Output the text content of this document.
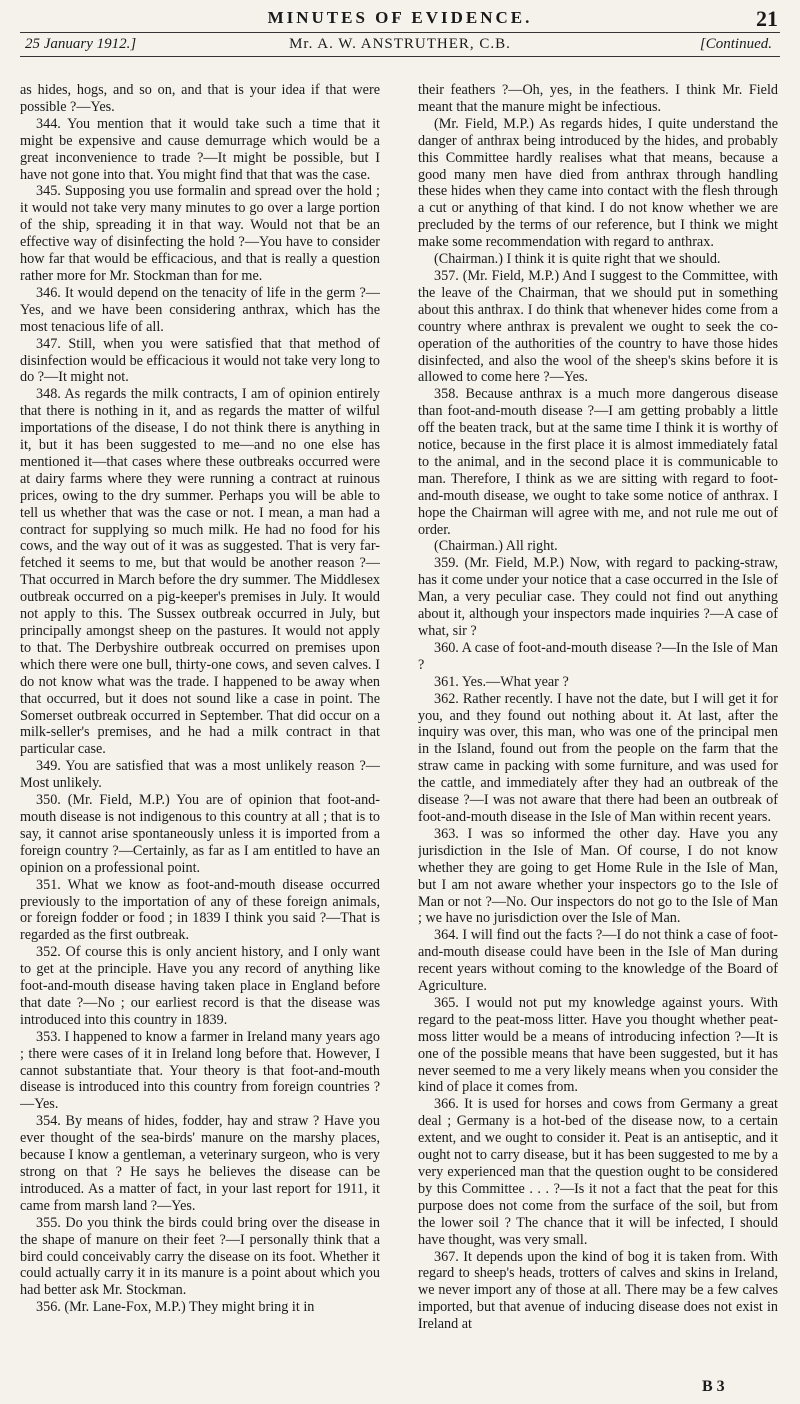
MINUTES OF EVIDENCE.	21
25 January 1912.]	Mr. A. W. ANSTRUTHER, C.B.	[Continued.

as hides, hogs, and so on, and that is your idea if that were possible ?—Yes.

344. You mention that it would take such a time that it might be expensive and cause demurrage which would be a great inconvenience to trade ?—It might be possible, but I have not gone into that. You might find that that was the case.

345. Supposing you use formalin and spread over the hold ; it would not take very many minutes to go over a large portion of the ship, spreading it in that way. Would not that be an effective way of disinfecting the hold ?—You have to consider how far that would be efficacious, and that is really a question rather more for Mr. Stockman than for me.

346. It would depend on the tenacity of life in the germ ?—Yes, and we have been considering anthrax, which has the most tenacious life of all.

347. Still, when you were satisfied that that method of disinfection would be efficacious it would not take very long to do ?—It might not.

348. As regards the milk contracts, I am of opinion entirely that there is nothing in it, and as regards the matter of wilful importations of the disease, I do not think there is anything in it, but it has been suggested to me—and no one else has mentioned it—that cases where these outbreaks occurred were at dairy farms where they were running a contract at ruinous prices, owing to the dry summer. Perhaps you will be able to tell us whether that was the case or not. I mean, a man had a contract for supplying so much milk. He had no food for his cows, and the way out of it was as suggested. That is very far-fetched it seems to me, but that would be another reason ?—That occurred in March before the dry summer. The Middlesex outbreak occurred on a pig-keeper's premises in July. It would not apply to this. The Sussex outbreak occurred in July, but principally amongst sheep on the pastures. It would not apply to that. The Derbyshire outbreak occurred on premises upon which there were one bull, thirty-one cows, and seven calves. I do not know what was the trade. I happened to be away when that occurred, but it does not sound like a case in point. The Somerset outbreak occurred in September. That did occur on a milk-seller's premises, and he had a milk contract in that particular case.

349. You are satisfied that was a most unlikely reason ?—Most unlikely.

350. (Mr. Field, M.P.) You are of opinion that foot-and-mouth disease is not indigenous to this country at all ; that is to say, it cannot arise spontaneously unless it is imported from a foreign country ?—Certainly, as far as I am entitled to have an opinion on a professional point.

351. What we know as foot-and-mouth disease occurred previously to the importation of any of these foreign animals, or foreign fodder or food ; in 1839 I think you said ?—That is regarded as the first outbreak.

352. Of course this is only ancient history, and I only want to get at the principle. Have you any record of anything like foot-and-mouth disease having taken place in England before that date ?—No ; our earliest record is that the disease was introduced into this country in 1839.

353. I happened to know a farmer in Ireland many years ago ; there were cases of it in Ireland long before that. However, I cannot substantiate that. Your theory is that foot-and-mouth disease is introduced into this country from foreign countries ?—Yes.

354. By means of hides, fodder, hay and straw ? Have you ever thought of the sea-birds' manure on the marshy places, because I know a gentleman, a veterinary surgeon, who is very strong on that ? He says he believes the disease can be introduced. As a matter of fact, in your last report for 1911, it came from marsh land ?—Yes.

355. Do you think the birds could bring over the disease in the shape of manure on their feet ?—I personally think that a bird could conceivably carry the disease on its foot. Whether it could actually carry it in its manure is a point about which you had better ask Mr. Stockman.

356. (Mr. Lane-Fox, M.P.) They might bring it in

their feathers ?—Oh, yes, in the feathers. I think Mr. Field meant that the manure might be infectious.

(Mr. Field, M.P.) As regards hides, I quite understand the danger of anthrax being introduced by the hides, and probably this Committee hardly realises what that means, because a good many men have died from anthrax through handling these hides when they came into contact with the flesh through a cut or anything of that kind. I do not know whether we are precluded by the terms of our reference, but I think we might make some recommendation with regard to anthrax.

(Chairman.) I think it is quite right that we should.

357. (Mr. Field, M.P.) And I suggest to the Committee, with the leave of the Chairman, that we should put in something about this anthrax. I do think that whenever hides come from a country where anthrax is prevalent we ought to seek the co-operation of the authorities of the country to have those hides disinfected, and also the wool of the sheep's skins before it is allowed to come here ?—Yes.

358. Because anthrax is a much more dangerous disease than foot-and-mouth disease ?—I am getting probably a little off the beaten track, but at the same time I think it is worthy of notice, because in the first place it is almost immediately fatal to the animal, and in the second place it is communicable to man. Therefore, I think as we are sitting with regard to foot-and-mouth disease, we ought to take some notice of anthrax. I hope the Chairman will agree with me, and not rule me out of order.

(Chairman.) All right.

359. (Mr. Field, M.P.) Now, with regard to packing-straw, has it come under your notice that a case occurred in the Isle of Man, a very peculiar case. They could not find out anything about it, although your inspectors made inquiries ?—A case of what, sir ?

360. A case of foot-and-mouth disease ?—In the Isle of Man ?

361. Yes.—What year ?

362. Rather recently. I have not the date, but I will get it for you, and they found out nothing about it. At last, after the inquiry was over, this man, who was one of the principal men in the Island, found out from the people on the farm that the straw came in packing with some furniture, and was used for the cattle, and immediately after they had an outbreak of the disease ?—I was not aware that there had been an outbreak of foot-and-mouth disease in the Isle of Man within recent years.

363. I was so informed the other day. Have you any jurisdiction in the Isle of Man. Of course, I do not know whether they are going to get Home Rule in the Isle of Man, but I am not aware whether your inspectors go to the Isle of Man or not ?—No. Our inspectors do not go to the Isle of Man ; we have no jurisdiction over the Isle of Man.

364. I will find out the facts ?—I do not think a case of foot-and-mouth disease could have been in the Isle of Man during recent years without coming to the knowledge of the Board of Agriculture.

365. I would not put my knowledge against yours. With regard to the peat-moss litter. Have you thought whether peat-moss litter would be a means of introducing infection ?—It is one of the possible means that have been suggested, but it has never seemed to me a very likely means when you consider the kind of place it comes from.

366. It is used for horses and cows from Germany a great deal ; Germany is a hot-bed of the disease now, to a certain extent, and we ought to consider it. Peat is an antiseptic, and it ought not to carry disease, but it has been suggested to me by a very experienced man that the question ought to be considered by this Committee . . . ?—Is it not a fact that the peat for this purpose does not come from the surface of the soil, but from the lower soil ? The chance that it will be infected, I should have thought, was very small.

367. It depends upon the kind of bog it is taken from. With regard to sheep's heads, trotters of calves and skins in Ireland, we never import any of those at all. There may be a few calves imported, but that avenue of inducing disease does not exist in Ireland at

B 3
